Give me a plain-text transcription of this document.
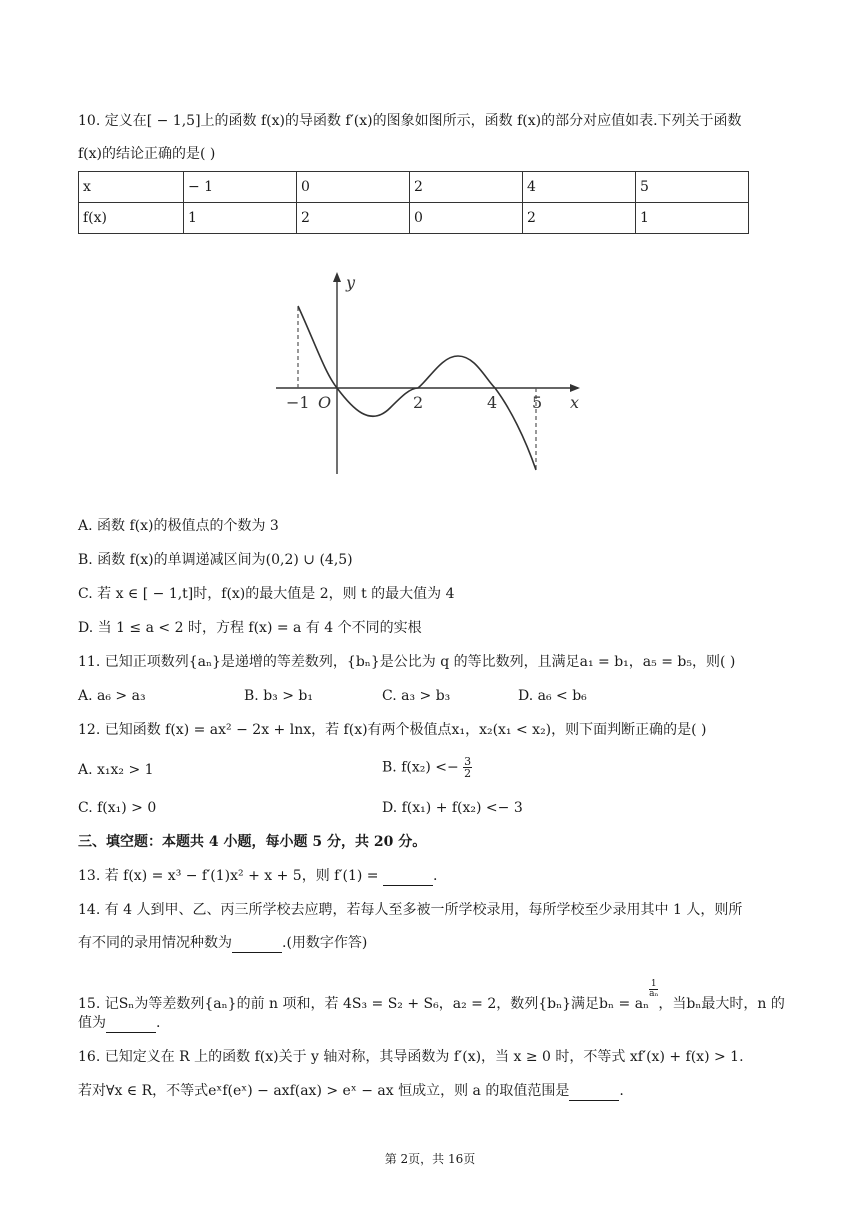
10. 定义在[ − 1,5]上的函数 f(x)的导函数 f′(x)的图象如图所示，函数 f(x)的部分对应值如表.下列关于函数
f(x)的结论正确的是( )
x	− 1	0	2	4	5
f(x)	1	2	0	2	1
y
x
O
−1	2	4 5
A. 函数 f(x)的极值点的个数为 3
B. 函数 f(x)的单调递减区间为(0,2) ∪ (4,5)
C. 若 x ∈ [ − 1,t]时，f(x)的最大值是 2，则 t 的最大值为 4
D. 当 1 ≤ a < 2 时，方程 f(x) = a 有 4 个不同的实根
11. 已知正项数列{aₙ}是递增的等差数列，{bₙ}是公比为 q 的等比数列，且满足a₁ = b₁，a₅ = b₅，则( )
A. a₆ > a₃	B. b₃ > b₁	C. a₃ > b₃	D. a₆ < b₆
12. 已知函数 f(x) = ax² − 2x + lnx，若 f(x)有两个极值点x₁，x₂(x₁ < x₂)，则下面判断正确的是( )
A. x₁x₂ > 1	B. $f(x_2) <- \frac{3}{2}$
C. f(x₁) > 0	D. f(x₁) + f(x₂) <− 3
三、填空题：本题共 4 小题，每小题 5 分，共 20 分。
13. 若 f(x) = x³ − f′(1)x² + x + 5，则 f′(1) =	.
14. 有 4 人到甲、乙、丙三所学校去应聘，若每人至多被一所学校录用，每所学校至少录用其中 1 人，则所
有不同的录用情况种数为	.(用数字作答)
15. 记Sₙ为等差数列{aₙ}的前 n 项和，若 4S₃ = S₂ + S₆，a₂ = 2，数列{bₙ}满足bₙ = aₙ
$\frac{1}{\text{aₙ}}$
，当bₙ最大时，n 的
值为	.
16. 已知定义在 R 上的函数 f(x)关于 y 轴对称，其导函数为 f′(x)，当 x ≥ 0 时，不等式 xf′(x) + f(x) > 1.
若对∀x ∈ R，不等式eˣf(eˣ) − axf(ax) > eˣ − ax 恒成立，则 a 的取值范围是	.
第 2页，共 16页
